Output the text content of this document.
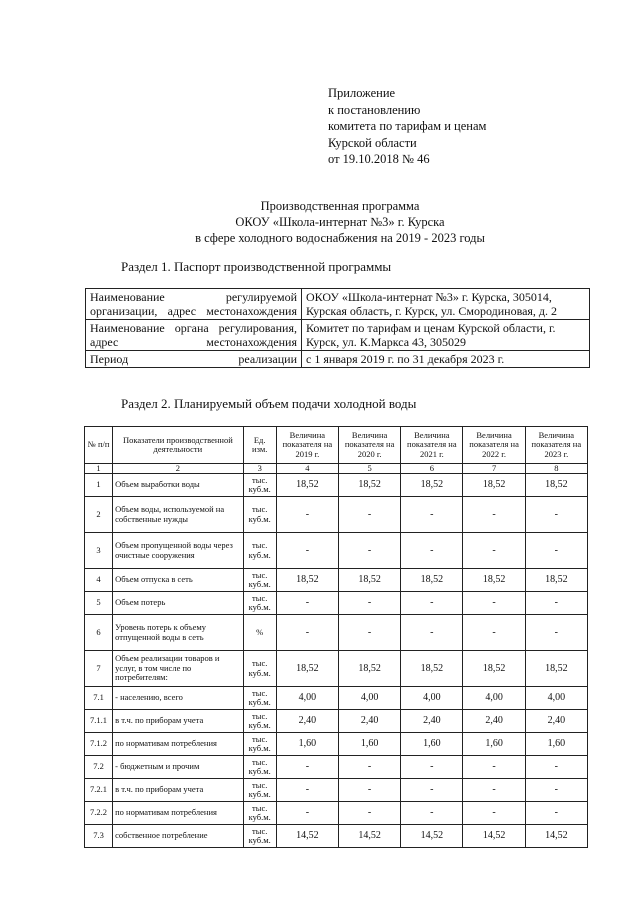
Приложение
к постановлению
комитета по тарифам и ценам
Курской области
от 19.10.2018 № 46
Производственная программа
ОКОУ «Школа-интернат №3» г. Курска
в сфере холодного водоснабжения на 2019 - 2023 годы
Раздел 1. Паспорт производственной программы
Наименование регулируемой организации, адрес местонахождения	ОКОУ «Школа-интернат №3» г. Курска, 305014, Курская область, г. Курск, ул. Смородиновая, д. 2
Наименование органа регулирования, адрес местонахождения	Комитет по тарифам и ценам Курской области, г. Курск, ул. К.Маркса 43, 305029
Период реализации	с 1 января 2019 г. по 31 декабря 2023 г.
Раздел 2. Планируемый объем подачи холодной воды
№ п/п	Показатели производственной деятельности	Ед. изм.	Величина показателя на 2019 г.	Величина показателя на 2020 г.	Величина показателя на 2021 г.	Величина показателя на 2022 г.	Величина показателя на 2023 г.
1	2	3	4	5	6	7	8
1	Объем выработки воды	тыс. куб.м.	18,52	18,52	18,52	18,52	18,52
2	Объем воды, используемой на собственные нужды	тыс. куб.м.	-	-	-	-	-
3	Объем пропущенной воды через очистные сооружения	тыс. куб.м.	-	-	-	-	-
4	Объем отпуска в сеть	тыс. куб.м.	18,52	18,52	18,52	18,52	18,52
5	Объем потерь	тыс. куб.м.	-	-	-	-	-
6	Уровень потерь к объему отпущенной воды в сеть	%	-	-	-	-	-
7	Объем реализации товаров и услуг, в том числе по потребителям:	тыс. куб.м.	18,52	18,52	18,52	18,52	18,52
7.1	- населению, всего	тыс. куб.м.	4,00	4,00	4,00	4,00	4,00
7.1.1	в т.ч. по приборам учета	тыс. куб.м.	2,40	2,40	2,40	2,40	2,40
7.1.2	по нормативам потребления	тыс. куб.м.	1,60	1,60	1,60	1,60	1,60
7.2	- бюджетным и прочим	тыс. куб.м.	-	-	-	-	-
7.2.1	в т.ч. по приборам учета	тыс. куб.м.	-	-	-	-	-
7.2.2	по нормативам потребления	тыс. куб.м.	-	-	-	-	-
7.3	собственное потребление	тыс. куб.м.	14,52	14,52	14,52	14,52	14,52
